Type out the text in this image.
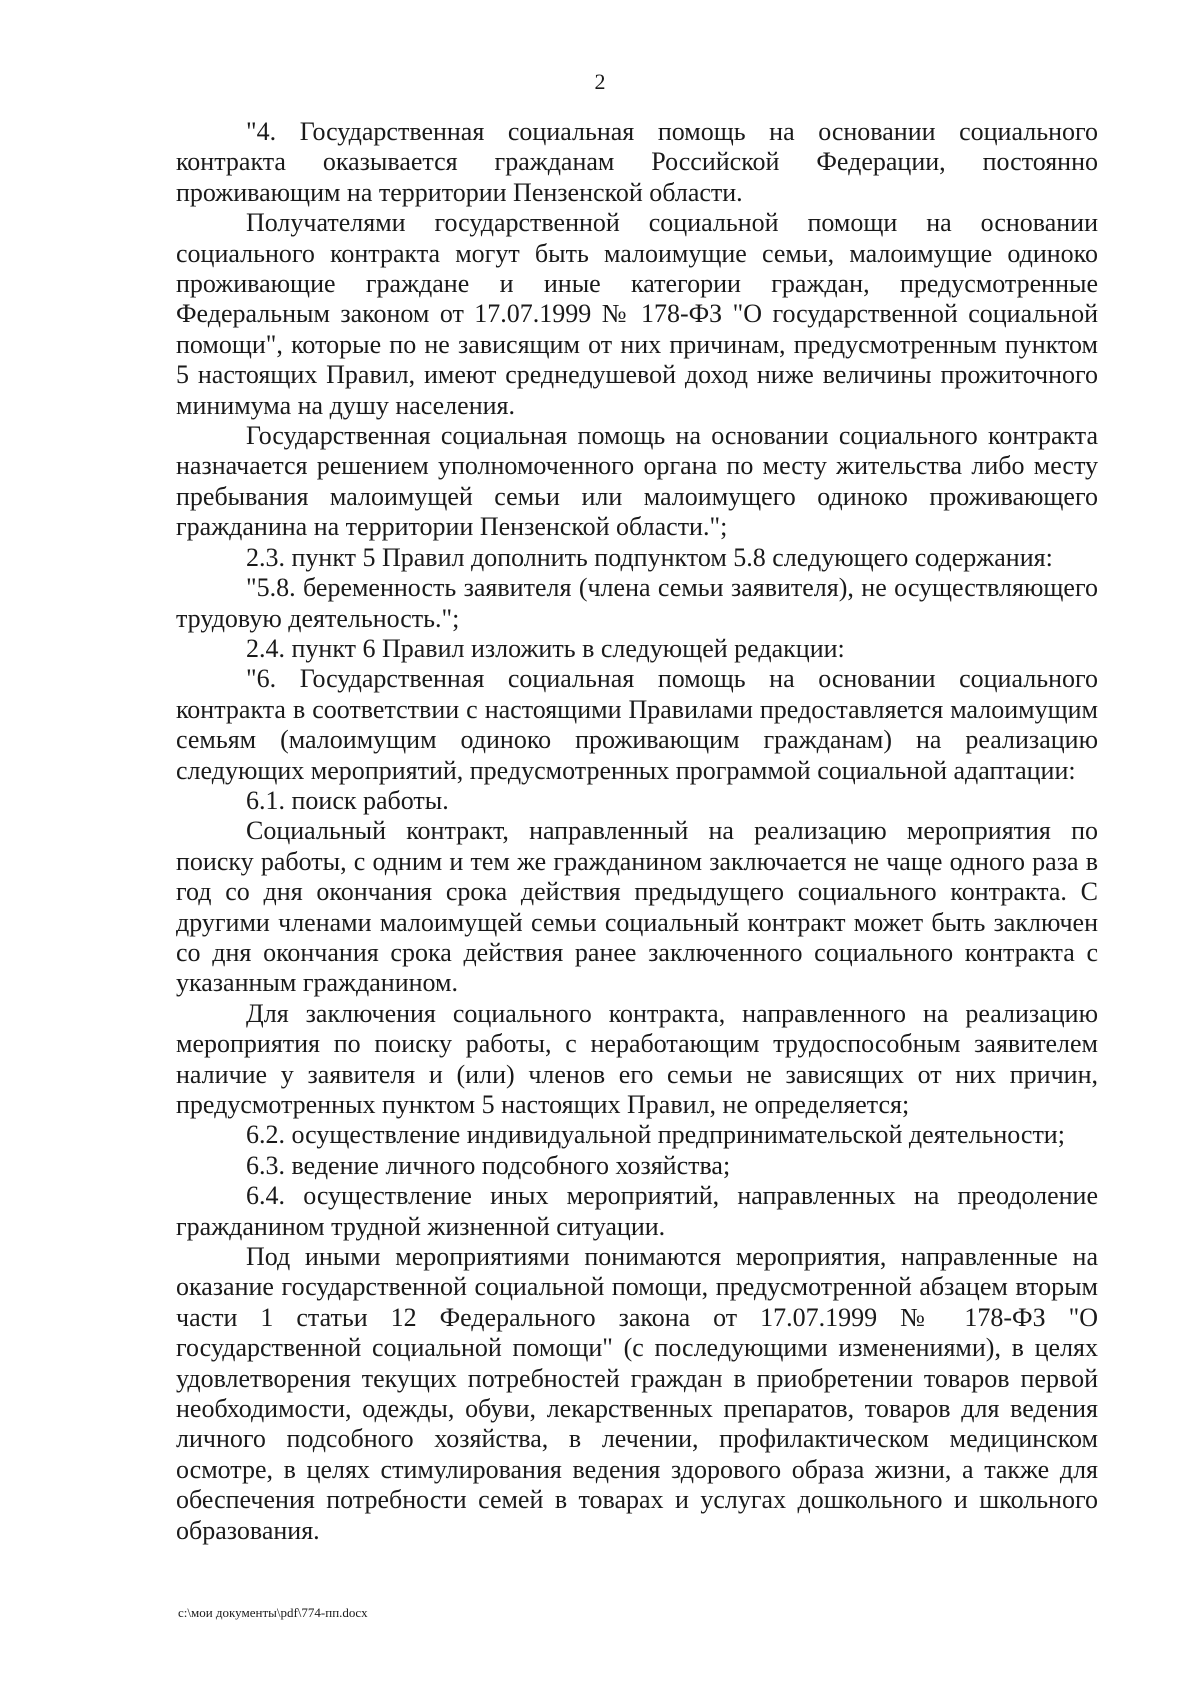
2

"4. Государственная социальная помощь на основании социального контракта оказывается гражданам Российской Федерации, постоянно проживающим на территории Пензенской области.

Получателями государственной социальной помощи на основании социального контракта могут быть малоимущие семьи, малоимущие одиноко проживающие граждане и иные категории граждан, предусмотренные Федеральным законом от 17.07.1999 № 178-ФЗ "О государственной социальной помощи", которые по не зависящим от них причинам, предусмотренным пунктом 5 настоящих Правил, имеют среднедушевой доход ниже величины прожиточного минимума на душу населения.

Государственная социальная помощь на основании социального контракта назначается решением уполномоченного органа по месту жительства либо месту пребывания малоимущей семьи или малоимущего одиноко проживающего гражданина на территории Пензенской области.";

2.3. пункт 5 Правил дополнить подпунктом 5.8 следующего содержания:

"5.8. беременность заявителя (члена семьи заявителя), не осуществляющего трудовую деятельность.";

2.4. пункт 6 Правил изложить в следующей редакции:

"6. Государственная социальная помощь на основании социального контракта в соответствии с настоящими Правилами предоставляется малоимущим семьям (малоимущим одиноко проживающим гражданам) на реализацию следующих мероприятий, предусмотренных программой социальной адаптации:

6.1. поиск работы.

Социальный контракт, направленный на реализацию мероприятия по поиску работы, с одним и тем же гражданином заключается не чаще одного раза в год со дня окончания срока действия предыдущего социального контракта. С другими членами малоимущей семьи социальный контракт может быть заключен со дня окончания срока действия ранее заключенного социального контракта с указанным гражданином.

Для заключения социального контракта, направленного на реализацию мероприятия по поиску работы, с неработающим трудоспособным заявителем наличие у заявителя и (или) членов его семьи не зависящих от них причин, предусмотренных пунктом 5 настоящих Правил, не определяется;

6.2. осуществление индивидуальной предпринимательской деятельности;

6.3. ведение личного подсобного хозяйства;

6.4. осуществление иных мероприятий, направленных на преодоление гражданином трудной жизненной ситуации.

Под иными мероприятиями понимаются мероприятия, направленные на оказание государственной социальной помощи, предусмотренной абзацем вторым части 1 статьи 12 Федерального закона от 17.07.1999 № 178-ФЗ "О государственной социальной помощи" (с последующими изменениями), в целях удовлетворения текущих потребностей граждан в приобретении товаров первой необходимости, одежды, обуви, лекарственных препаратов, товаров для ведения личного подсобного хозяйства, в лечении, профилактическом медицинском осмотре, в целях стимулирования ведения здорового образа жизни, а также для обеспечения потребности семей в товарах и услугах дошкольного и школьного образования.

c:\мои документы\pdf\774-пп.docx
